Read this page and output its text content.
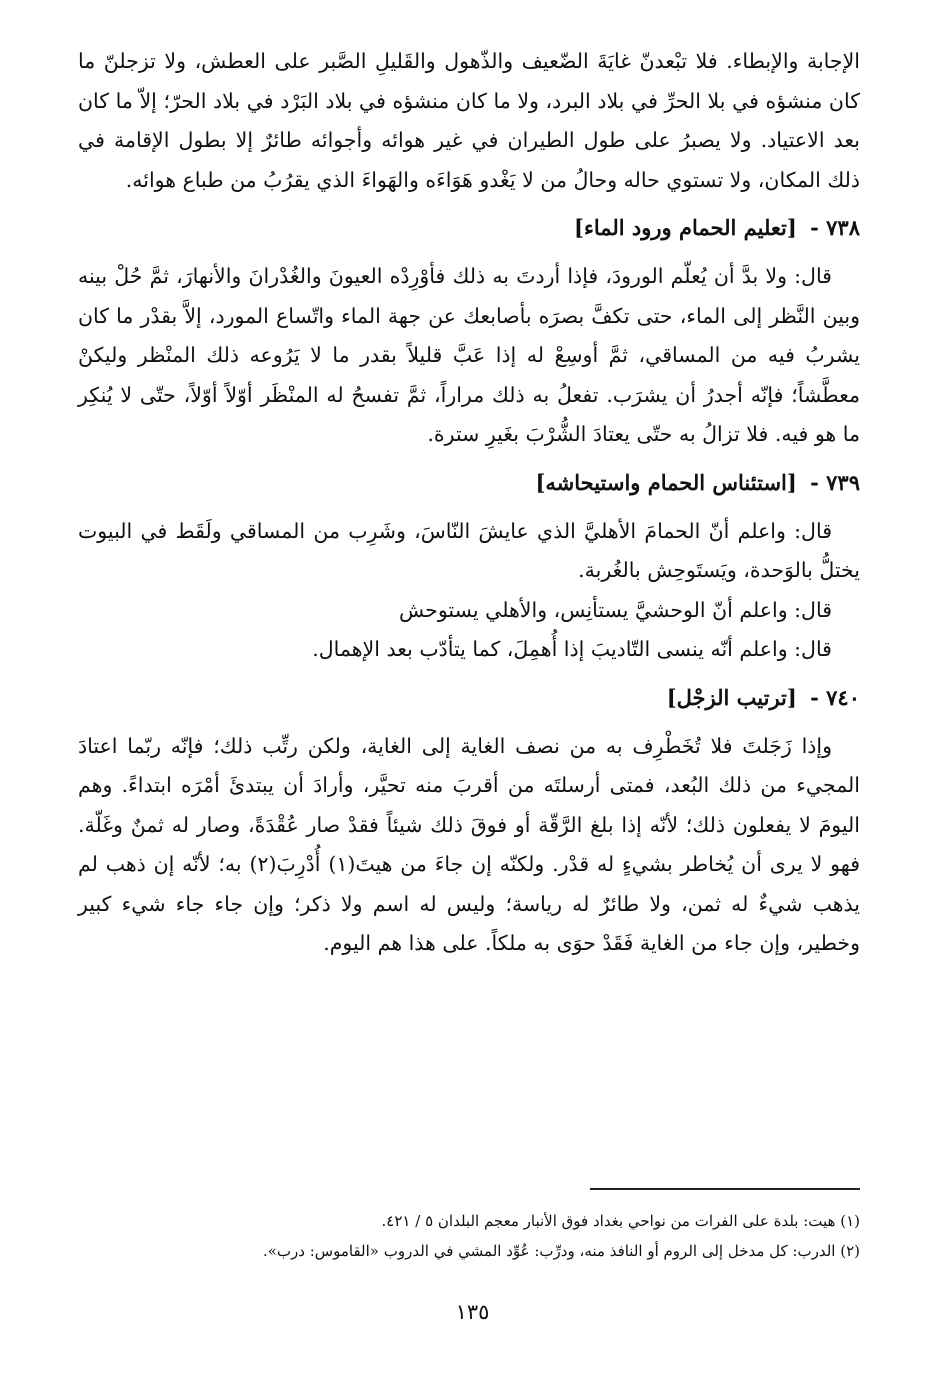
الإجابة والإبطاء. فلا تبْعدنّ غايَةَ الضّعيف والذّهول والقَليلِ الصَّبر على العطش، ولا تزجلنّ ما كان منشؤه في بلا الحرِّ في بلاد البرد، ولا ما كان منشؤه في بلاد البَرْد في بلاد الحرّ؛ إلاّ ما كان بعد الاعتياد. ولا يصبرُ على طول الطيران في غير هوائه وأجوائه طائرٌ إلا بطول الإقامة في ذلك المكان، ولا تستوي حاله وحالُ من لا يَغْدو هَوَاءَه والهَواءَ الذي يقرُبُ من طباع هوائه.

٧٣٨ - [تعليم الحمام ورود الماء]

قال: ولا بدَّ أن يُعلّم الورودَ، فإذا أردتَ به ذلك فأوْرِدْه العيونَ والغُدْرانَ والأنهارَ، ثمَّ حُلْ بينه وبين النَّظر إلى الماء، حتى تكفَّ بصرَه بأصابعك عن جهة الماء واتّساع المورد، إلاَّ بقدْر ما كان يشربُ فيه من المساقي، ثمَّ أوسِعْ له إذا عَبَّ قليلاً بقدر ما لا يَرُوعه ذلك المنْظر وليكنْ معطَّشاً؛ فإنّه أجدرُ أن يشرَب. تفعلُ به ذلك مراراً، ثمَّ تفسحُ له المنْظَر أوّلاً أوّلاً، حتّى لا يُنكِر ما هو فيه. فلا تزالُ به حتّى يعتادَ الشُّرْبَ بغَيرِ سترة.

٧٣٩ - [استئناس الحمام واستيحاشه]

قال: واعلم أنّ الحمامَ الأهليَّ الذي عايشَ النّاسَ، وشَرِب من المساقي ولَقَط في البيوت يختلُّ بالوَحدة، ويَستَوحِش بالغُربة.

قال: واعلم أنّ الوحشيَّ يستأنِس، والأهلي يستوحش

قال: واعلم أنّه ينسى التّاديبَ إذا أُهمِلَ، كما يتأدّب بعد الإهمال.

٧٤٠ - [ترتيب الزجْل]

وإذا زَجَلتَ فلا تُخَطْرِف به من نصف الغاية إلى الغاية، ولكن رتِّب ذلك؛ فإنّه ربّما اعتادَ المجيء من ذلك البُعد، فمتى أرسلتَه من أقربَ منه تحيَّر، وأرادَ أن يبتدئَ أمْرَه ابتداءً. وهم اليومَ لا يفعلون ذلك؛ لأنّه إذا بلغ الرَّقّة أو فوقَ ذلك شيئاً فقدْ صار عُقْدَةً، وصار له ثمنٌ وغَلّة. فهو لا يرى أن يُخاطر بشيءٍ له قدْر. ولكنّه إن جاءَ من هيتَ(١) أُدْرِبَ(٢) به؛ لأنّه إن ذهب لم يذهب شيءٌ له ثمن، ولا طائرٌ له رياسة؛ وليس له اسم ولا ذكر؛ وإن جاء جاء شيء كبير وخطير، وإن جاء من الغاية فَقَدْ حوَى به ملكاً. على هذا هم اليوم.

(١) هيت: بلدة على الفرات من نواحي بغداد فوق الأنبار معجم البلدان ٥ / ٤٢١.

(٢) الدرب: كل مدخل إلى الروم أو النافذ منه، ودرِّب: عُوِّد المشي في الدروب «القاموس: درب».

١٣٥
